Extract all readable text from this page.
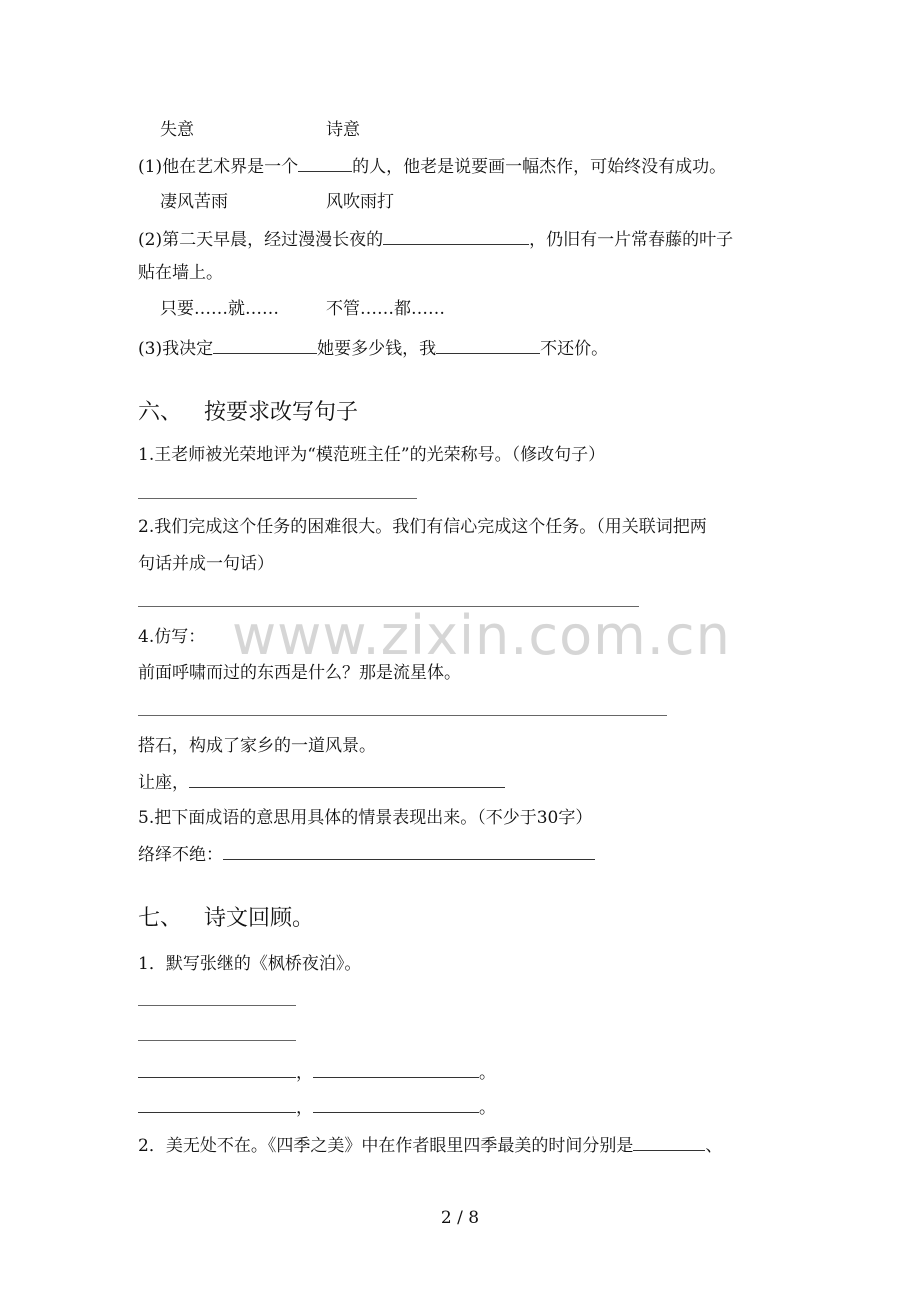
失意	诗意
(1)他在艺术界是一个	的人，他老是说要画一幅杰作，可始终没有成功。
凄风苦雨	风吹雨打
(2)第二天早晨，经过漫漫长夜的	，仍旧有一片常春藤的叶子
贴在墙上。
只要……就……	不管……都……
(3)我决定	她要多少钱，我	不还价。
六、 按要求改写句子
1.王老师被光荣地评为“模范班主任”的光荣称号。（修改句子）
2.我们完成这个任务的困难很大。我们有信心完成这个任务。（用关联词把两
句话并成一句话）
4.仿写：
前面呼啸而过的东西是什么？那是流星体。
搭石，构成了家乡的一道风景。
让座，
5.把下面成语的意思用具体的情景表现出来。（不少于30字）
络绎不绝：
七、 诗文回顾。
1．默写张继的《枫桥夜泊》。
，	。
，	。
2．美无处不在。《四季之美》中在作者眼里四季最美的时间分别是	、
www.zixin.com.cn
2 / 8
